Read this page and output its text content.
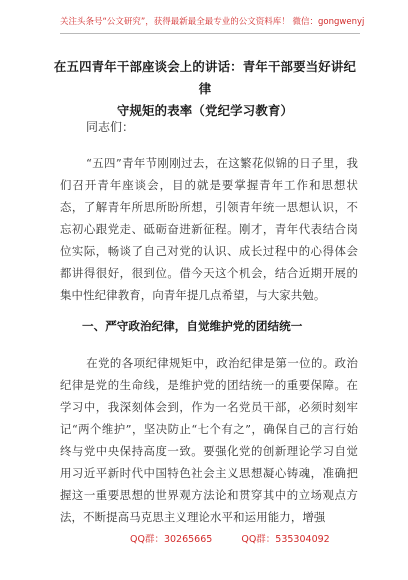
关注头条号“公文研究”，获得最新最全最专业的公文资料库！ 微信：gongwenyj
在五四青年干部座谈会上的讲话：青年干部要当好讲纪律
守规矩的表率（党纪学习教育）
同志们：
“五四”青年节刚刚过去，在这繁花似锦的日子里，我们召开青年座谈会，目的就是要掌握青年工作和思想状态，了解青年所思所盼所想，引领青年统一思想认识，不忘初心跟党走、砥砺奋进新征程。刚才，青年代表结合岗位实际，畅谈了自己对党的认识、成长过程中的心得体会都讲得很好，很到位。借今天这个机会，结合近期开展的集中性纪律教育，向青年提几点希望，与大家共勉。
一、严守政治纪律，自觉维护党的团结统一
在党的各项纪律规矩中，政治纪律是第一位的。政治纪律是党的生命线，是维护党的团结统一的重要保障。在学习中，我深刻体会到，作为一名党员干部，必须时刻牢记“两个维护”，坚决防止“七个有之”，确保自己的言行始终与党中央保持高度一致。要强化党的创新理论学习自觉用习近平新时代中国特色社会主义思想凝心铸魂，准确把握这一重要思想的世界观方法论和贯穿其中的立场观点方法，不断提高马克思主义理论水平和运用能力，增强
QQ群：30265665	QQ群：535304092
